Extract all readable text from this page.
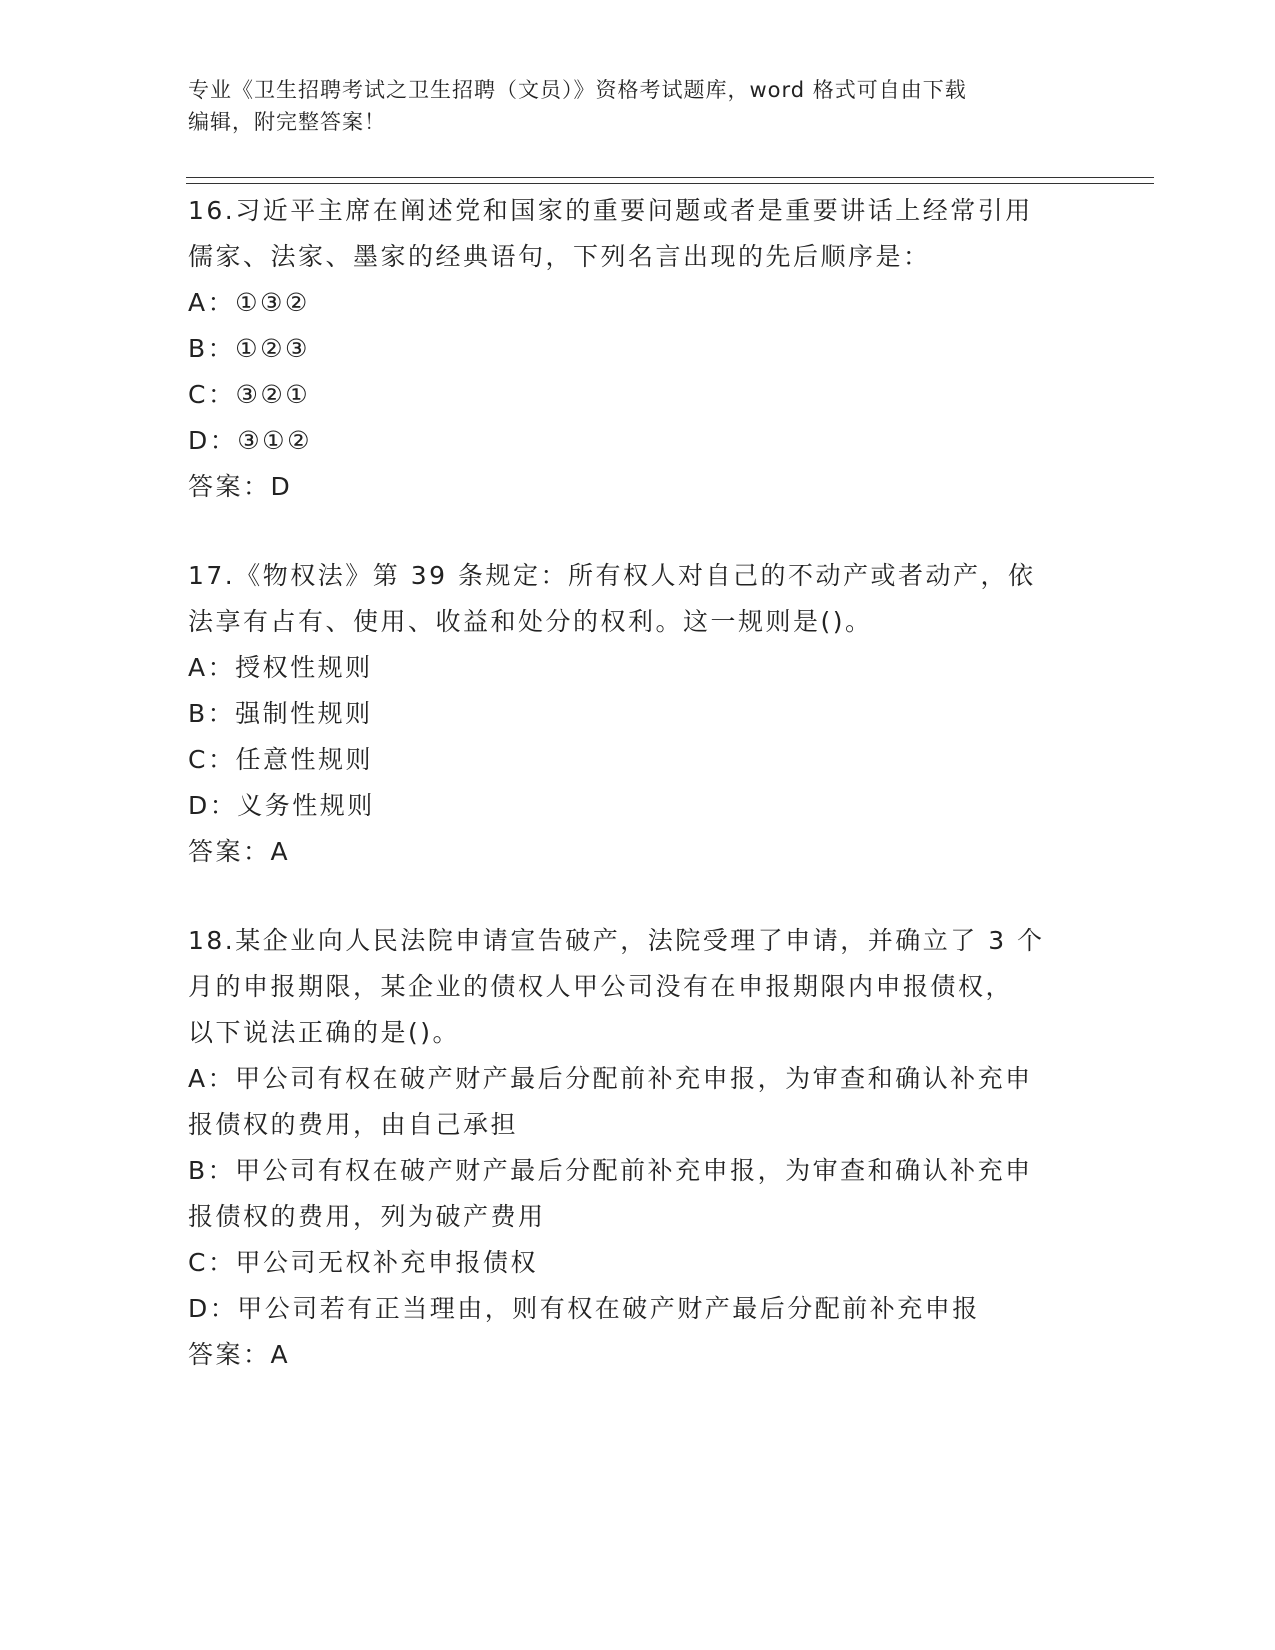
专业《卫生招聘考试之卫生招聘（文员）》资格考试题库，word 格式可自由下载
编辑，附完整答案！
16.习近平主席在阐述党和国家的重要问题或者是重要讲话上经常引用
儒家、法家、墨家的经典语句，下列名言出现的先后顺序是：
A：①③②
B：①②③
C：③②①
D：③①②
答案：D
17.《物权法》第 39 条规定：所有权人对自己的不动产或者动产，依
法享有占有、使用、收益和处分的权利。这一规则是()。
A：授权性规则
B：强制性规则
C：任意性规则
D：义务性规则
答案：A
18.某企业向人民法院申请宣告破产，法院受理了申请，并确立了 3 个
月的申报期限，某企业的债权人甲公司没有在申报期限内申报债权，
以下说法正确的是()。
A：甲公司有权在破产财产最后分配前补充申报，为审查和确认补充申
报债权的费用，由自己承担
B：甲公司有权在破产财产最后分配前补充申报，为审查和确认补充申
报债权的费用，列为破产费用
C：甲公司无权补充申报债权
D：甲公司若有正当理由，则有权在破产财产最后分配前补充申报
答案：A
